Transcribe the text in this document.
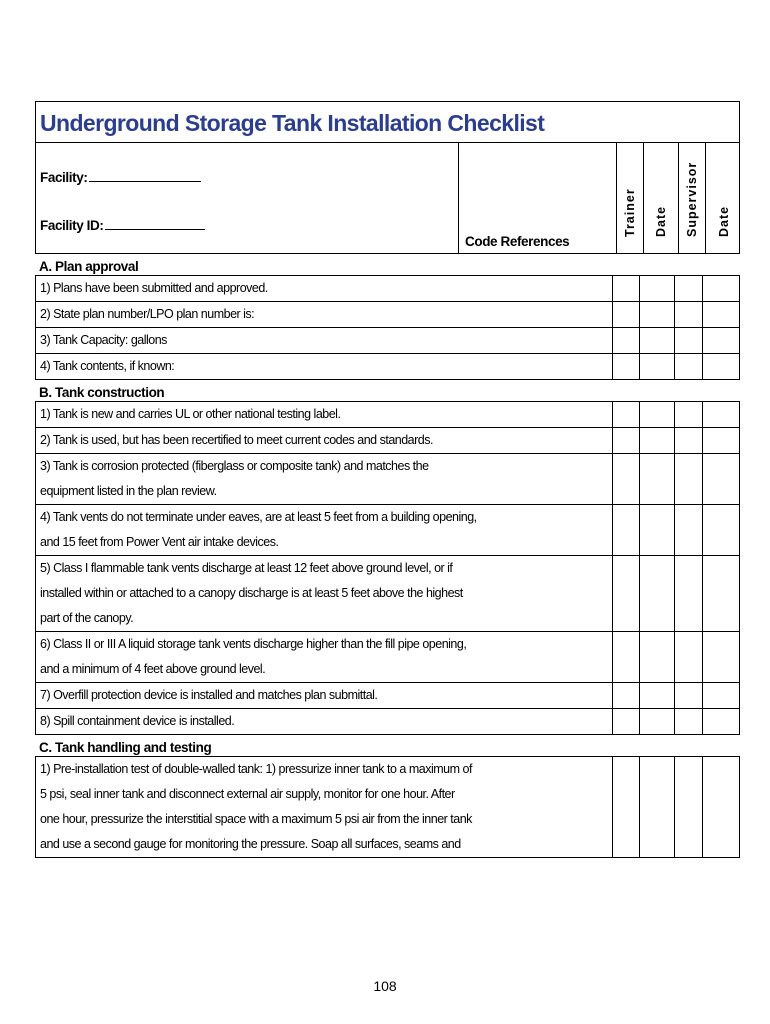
Underground Storage Tank Installation Checklist
Facility:
Facility ID:
Code References
Trainer Date Supervisor Date
A. Plan approval
1) Plans have been submitted and approved.
2) State plan number/LPO plan number is:
3) Tank Capacity: gallons
4) Tank contents, if known:
B. Tank construction
1) Tank is new and carries UL or other national testing label.
2) Tank is used, but has been recertified to meet current codes and standards.
3) Tank is corrosion protected (fiberglass or composite tank) and matches the
equipment listed in the plan review.
4) Tank vents do not terminate under eaves, are at least 5 feet from a building opening,
and 15 feet from Power Vent air intake devices.
5) Class I flammable tank vents discharge at least 12 feet above ground level, or if
installed within or attached to a canopy discharge is at least 5 feet above the highest
part of the canopy.
6) Class II or III A liquid storage tank vents discharge higher than the fill pipe opening,
and a minimum of 4 feet above ground level.
7) Overfill protection device is installed and matches plan submittal.
8) Spill containment device is installed.
C. Tank handling and testing
1) Pre-installation test of double-walled tank: 1) pressurize inner tank to a maximum of
5 psi, seal inner tank and disconnect external air supply, monitor for one hour. After
one hour, pressurize the interstitial space with a maximum 5 psi air from the inner tank
and use a second gauge for monitoring the pressure. Soap all surfaces, seams and
108
